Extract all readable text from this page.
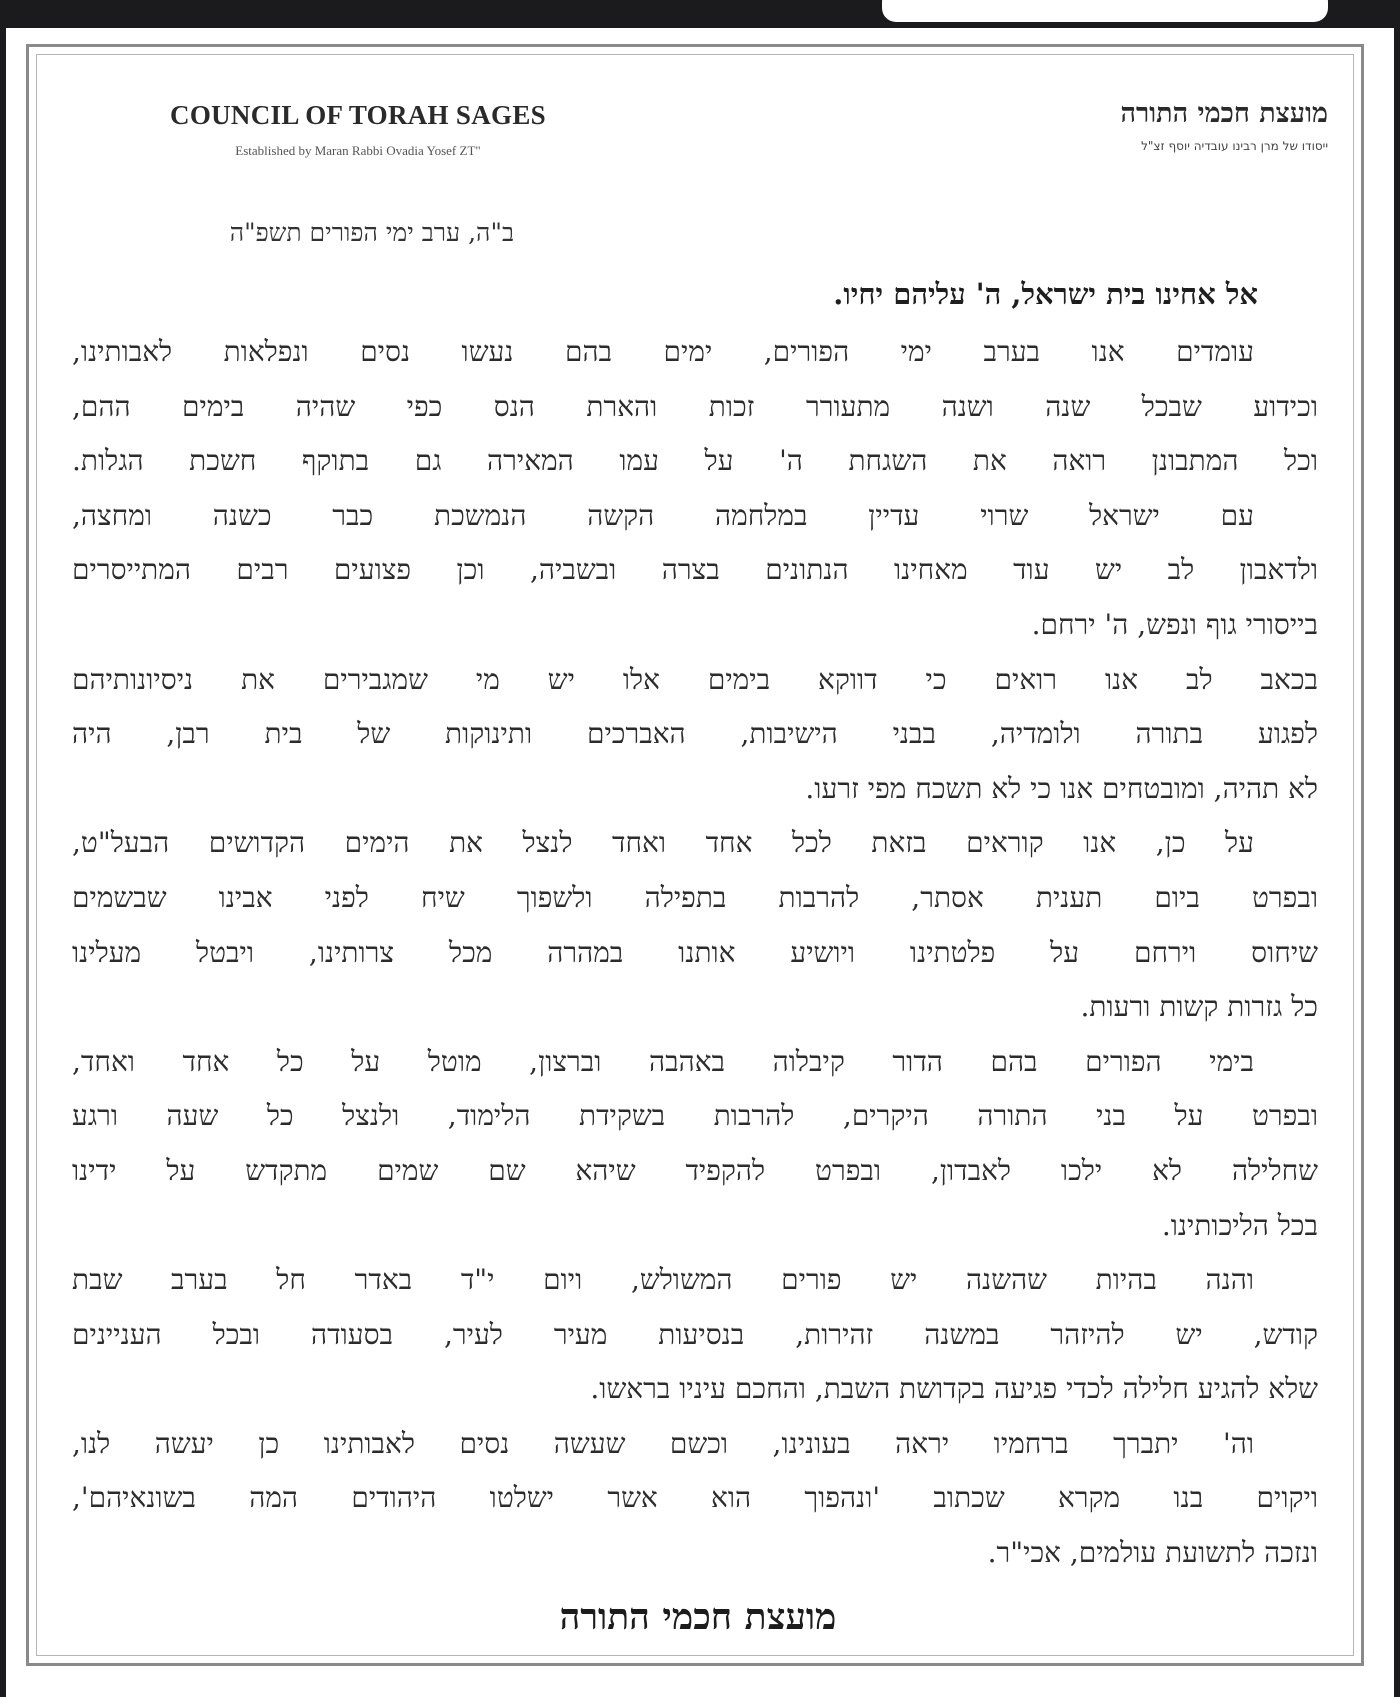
COUNCIL OF TORAH SAGES
Established by Maran Rabbi Ovadia Yosef ZT"
מועצת חכמי התורה
ייסודו של מרן רבינו עובדיה יוסף זצ"ל
ב"ה, ערב ימי הפורים תשפ"ה
אל אחינו בית ישראל, ה' עליהם יחיו.
עומדים אנו בערב ימי הפורים, ימים בהם נעשו נסים ונפלאות לאבותינו,
וכידוע שבכל שנה ושנה מתעורר זכות והארת הנס כפי שהיה בימים ההם,
וכל המתבונן רואה את השגחת ה' על עמו המאירה גם בתוקף חשכת הגלות.
עם ישראל שרוי עדיין במלחמה הקשה הנמשכת כבר כשנה ומחצה,
ולדאבון לב יש עוד מאחינו הנתונים בצרה ובשביה, וכן פצועים רבים המתייסרים
בייסורי גוף ונפש, ה' ירחם.
בכאב לב אנו רואים כי דווקא בימים אלו יש מי שמגבירים את ניסיונותיהם
לפגוע בתורה ולומדיה, בבני הישיבות, האברכים ותינוקות של בית רבן, היה
לא תהיה, ומובטחים אנו כי לא תשכח מפי זרעו.
על כן, אנו קוראים בזאת לכל אחד ואחד לנצל את הימים הקדושים הבעל"ט,
ובפרט ביום תענית אסתר, להרבות בתפילה ולשפוך שיח לפני אבינו שבשמים
שיחוס וירחם על פלטתינו ויושיע אותנו במהרה מכל צרותינו, ויבטל מעלינו
כל גזרות קשות ורעות.
בימי הפורים בהם הדור קיבלוה באהבה וברצון, מוטל על כל אחד ואחד,
ובפרט על בני התורה היקרים, להרבות בשקידת הלימוד, ולנצל כל שעה ורגע
שחלילה לא ילכו לאבדון, ובפרט להקפיד שיהא שם שמים מתקדש על ידינו
בכל הליכותינו.
והנה בהיות שהשנה יש פורים המשולש, ויום י"ד באדר חל בערב שבת
קודש, יש להיזהר במשנה זהירות, בנסיעות מעיר לעיר, בסעודה ובכל העניינים
שלא להגיע חלילה לכדי פגיעה בקדושת השבת, והחכם עיניו בראשו.
וה' יתברך ברחמיו יראה בעונינו, וכשם שעשה נסים לאבותינו כן יעשה לנו,
ויקוים בנו מקרא שכתוב 'ונהפוך הוא אשר ישלטו היהודים המה בשונאיהם',
ונזכה לתשועת עולמים, אכי"ר.
מועצת חכמי התורה
